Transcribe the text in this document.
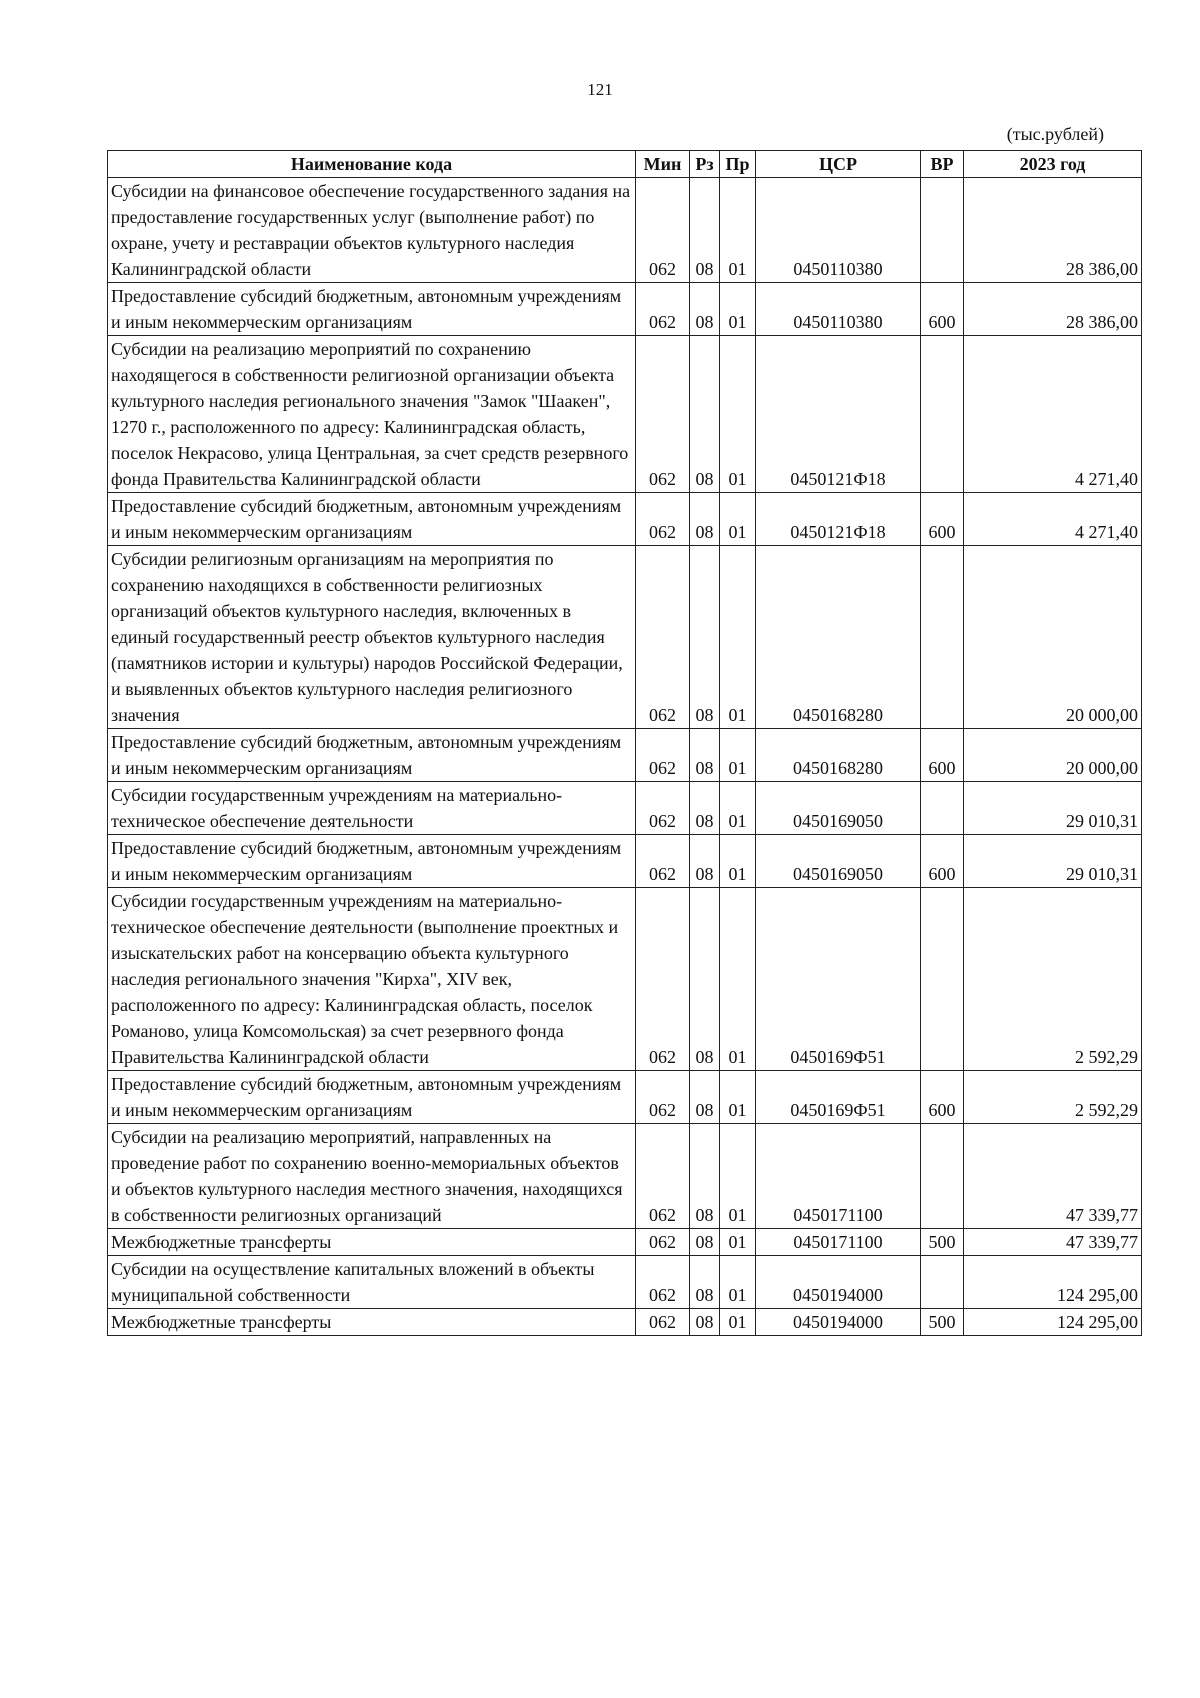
121
(тыс.рублей)
Наименование кода	Мин	Рз	Пр	ЦСР	ВР	2023 год
Субсидии на финансовое обеспечение государственного задания на предоставление государственных услуг (выполнение работ) по охране, учету и реставрации объектов культурного наследия Калининградской области	062	08	01	0450110380		28 386,00
Предоставление субсидий бюджетным, автономным учреждениям и иным некоммерческим организациям	062	08	01	0450110380	600	28 386,00
Субсидии на реализацию мероприятий по сохранению находящегося в собственности религиозной организации объекта культурного наследия регионального значения "Замок "Шаакен", 1270 г., расположенного по адресу: Калининградская область, поселок Некрасово, улица Центральная, за счет средств резервного фонда Правительства Калининградской области	062	08	01	0450121Ф18		4 271,40
Предоставление субсидий бюджетным, автономным учреждениям и иным некоммерческим организациям	062	08	01	0450121Ф18	600	4 271,40
Субсидии религиозным организациям на мероприятия по сохранению находящихся в собственности религиозных организаций объектов культурного наследия, включенных в единый государственный реестр объектов культурного наследия (памятников истории и культуры) народов Российской Федерации, и выявленных объектов культурного наследия религиозного значения	062	08	01	0450168280		20 000,00
Предоставление субсидий бюджетным, автономным учреждениям и иным некоммерческим организациям	062	08	01	0450168280	600	20 000,00
Субсидии государственным учреждениям на материально-техническое обеспечение деятельности	062	08	01	0450169050		29 010,31
Предоставление субсидий бюджетным, автономным учреждениям и иным некоммерческим организациям	062	08	01	0450169050	600	29 010,31
Субсидии государственным учреждениям на материально-техническое обеспечение деятельности (выполнение проектных и изыскательских работ на консервацию объекта культурного наследия регионального значения "Кирха", XIV век, расположенного по адресу: Калининградская область, поселок Романово, улица Комсомольская) за счет резервного фонда Правительства Калининградской области	062	08	01	0450169Ф51		2 592,29
Предоставление субсидий бюджетным, автономным учреждениям и иным некоммерческим организациям	062	08	01	0450169Ф51	600	2 592,29
Субсидии на реализацию мероприятий, направленных на проведение работ по сохранению военно-мемориальных объектов и объектов культурного наследия местного значения, находящихся в собственности религиозных организаций	062	08	01	0450171100		47 339,77
Межбюджетные трансферты	062	08	01	0450171100	500	47 339,77
Субсидии на осуществление капитальных вложений в объекты муниципальной собственности	062	08	01	0450194000		124 295,00
Межбюджетные трансферты	062	08	01	0450194000	500	124 295,00
